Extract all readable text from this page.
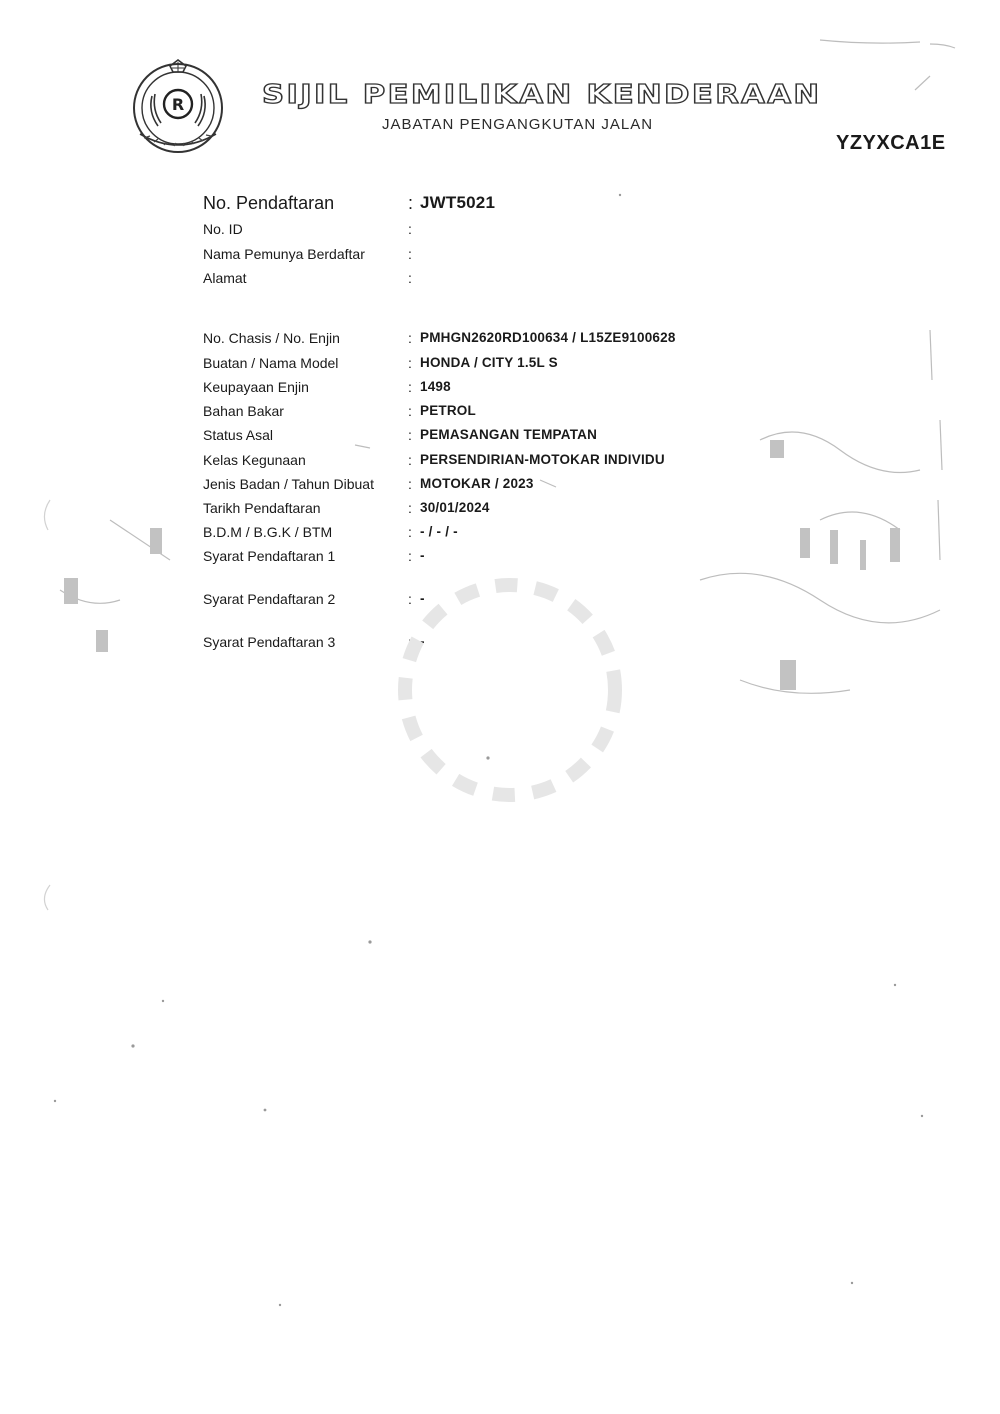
R	SIJIL PEMILIKAN KENDERAAN
JABATAN PENGANGKUTAN JALAN
YZYXCA1E
No. Pendaftaran	: JWT5021
No. ID	:
Nama Pemunya Berdaftar	:
Alamat	:
No. Chasis / No. Enjin	: PMHGN2620RD100634 / L15ZE9100628
Buatan / Nama Model	: HONDA / CITY 1.5L S
Keupayaan Enjin	: 1498
Bahan Bakar	: PETROL
Status Asal	: PEMASANGAN TEMPATAN
Kelas Kegunaan	: PERSENDIRIAN-MOTOKAR INDIVIDU
Jenis Badan / Tahun Dibuat : MOTOKAR / 2023
Tarikh Pendaftaran	: 30/01/2024
B.D.M / B.G.K / BTM	: - / - / -
Syarat Pendaftaran 1	: -
Syarat Pendaftaran 2	: -
Syarat Pendaftaran 3	: -
